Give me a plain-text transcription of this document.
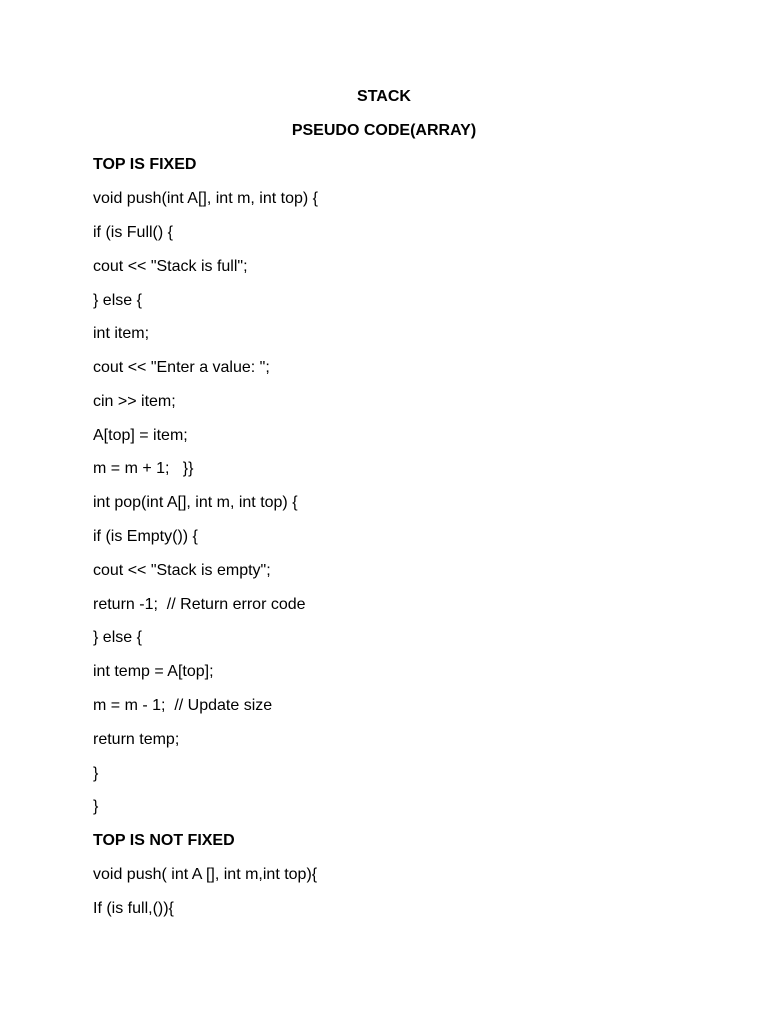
STACK
PSEUDO CODE(ARRAY)
TOP IS FIXED
void push(int A[], int m, int top) {
if (is Full() {
cout << "Stack is full";
} else {
int item;
cout << "Enter a value: ";
cin >> item;
A[top] = item;
m = m + 1;   }}
int pop(int A[], int m, int top) {
if (is Empty()) {
cout << "Stack is empty";
return -1;  // Return error code
} else {
int temp = A[top];
m = m - 1;  // Update size
return temp;
}
}
TOP IS NOT FIXED
void push( int A [], int m,int top){
If (is full,()){
